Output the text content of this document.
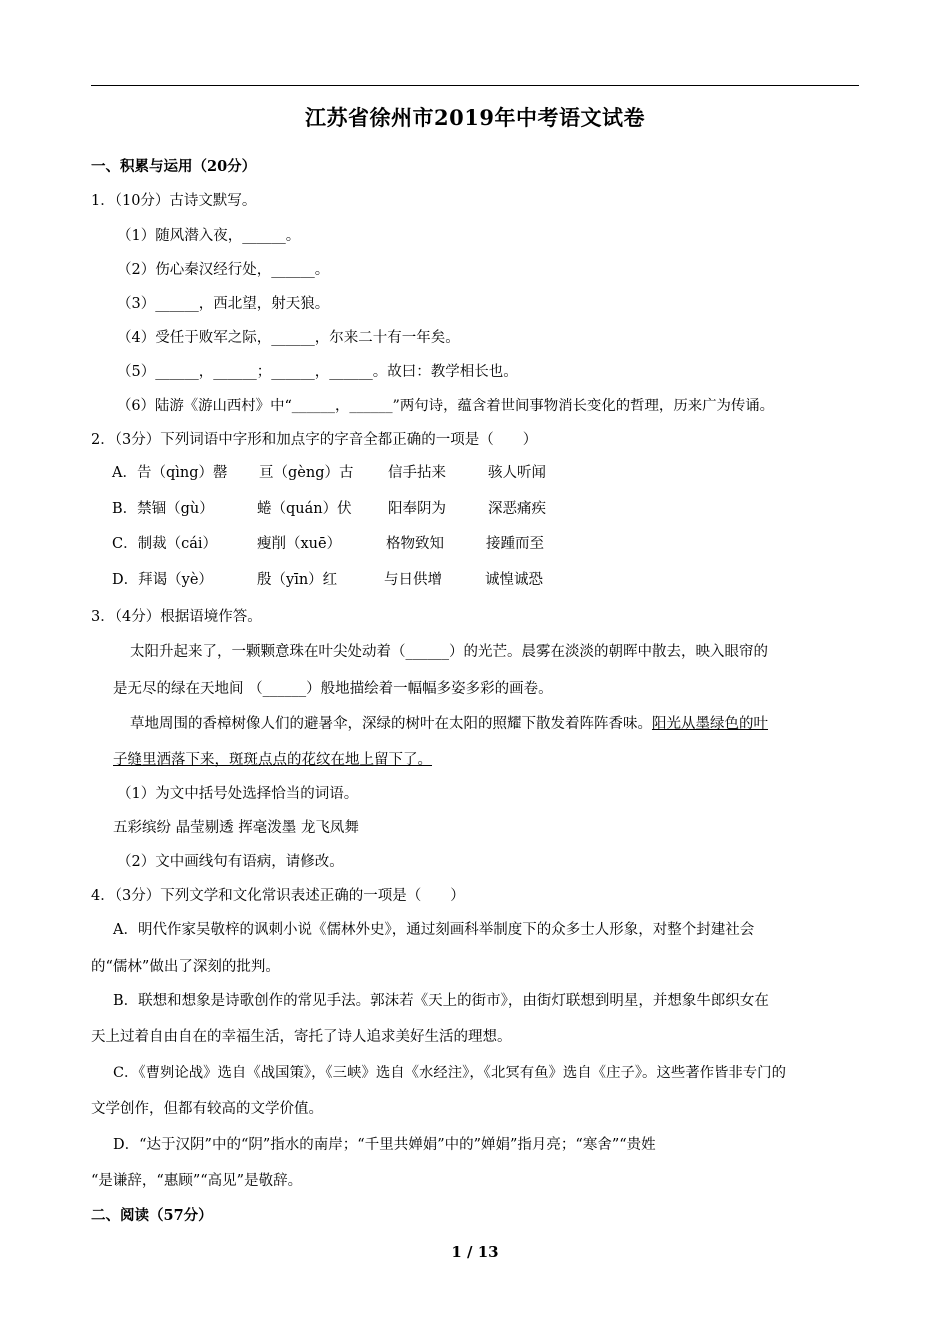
江苏省徐州市2019年中考语文试卷
一、积累与运用（20分）
1．（10分）古诗文默写。
（1）随风潜入夜，______。
（2）伤心秦汉经行处，______。
（3）______，西北望，射天狼。
（4）受任于败军之际，______，尔来二十有一年矣。
（5）______，______；______，______。故曰：教学相长也。
（6）陆游《游山西村》中“______，______”两句诗，蕴含着世间事物消长变化的哲理，历来广为传诵。
2．（3分）下列词语中字形和加点字的字音全都正确的一项是（　　）
A．告（qìng）罄 亘（gèng）古 信手拈来	骇人听闻
B．禁锢（gù）	蜷（quán）伏	阳奉阴为	深恶痛疾
C．制裁（cái）	瘦削（xuē）	格物致知	接踵而至
D．拜谒（yè）	殷（yīn）红	与日供增	诚惶诚恐
3．（4分）根据语境作答。
太阳升起来了，一颗颗意珠在叶尖处动着（______）的光芒。晨雾在淡淡的朝晖中散去，映入眼帘的
是无尽的绿在天地间 （______）般地描绘着一幅幅多姿多彩的画卷。
草地周围的香樟树像人们的避暑伞，深绿的树叶在太阳的照耀下散发着阵阵香味。阳光从墨绿色的叶
子缝里洒落下来，斑斑点点的花纹在地上留下了。
（1）为文中括号处选择恰当的词语。
五彩缤纷 晶莹剔透 挥毫泼墨 龙飞凤舞
（2）文中画线句有语病，请修改。
4．（3分）下列文学和文化常识表述正确的一项是（　　）
A．明代作家吴敬梓的讽刺小说《儒林外史》，通过刻画科举制度下的众多士人形象，对整个封建社会
的“儒林”做出了深刻的批判。
B．联想和想象是诗歌创作的常见手法。郭沫若《天上的街市》，由街灯联想到明星，并想象牛郎织女在
天上过着自由自在的幸福生活，寄托了诗人追求美好生活的理想。
C．《曹刿论战》选自《战国策》，《三峡》选自《水经注》，《北冥有鱼》选自《庄子》。这些著作皆非专门的
文学创作，但都有较高的文学价值。
D．“达于汉阴”中的“阴”指水的南岸；“千里共婵娟”中的”婵娟”指月亮；“寒舍”“贵姓
“是谦辞，“惠顾”“高见”是敬辞。
二、阅读（57分）
1 / 13
